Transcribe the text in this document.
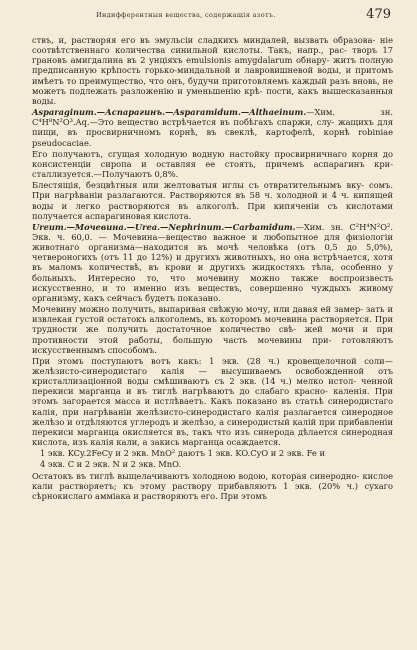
Индифферентныя вещества, содержащія азотъ.	479

ствъ, и, растворяя его въ эмульсіи сладкихъ миндалей, вызвать образова- ніе соотвѣтственнаго количества синильной кислоты. Такъ, напр., рас- творъ 17 грановъ амигдалина въ 2 унціяхъ emulsionis amygdalarum обнару- житъ полную предписанную крѣпость горько-миндальной и лавровишневой воды, и притомъ имѣетъ то преимущество, что онъ, будучи приготовляемъ каждый разъ вновь, не можетъ подлежать разложенію и уменьшенію крѣ- пости, какъ вышесказанныя воды.

Asparaginum.—Аспарагинъ.—Asparamidum.—Althaeinum.—Хим. зн. C⁴H⁸N²O³.Aq.—Это вещество встрѣчается въ побѣгахъ спаржи, слу- жащихъ для пищи, въ просвирничномъ корнѣ, въ свеклѣ, картофелѣ, корнѣ robiniae pseudocaciae.

Его получаютъ, сгущая холодную водную настойку просвирничнаго корня до консистенціи сиропа и оставляя ее стоять, причемъ аспарагинъ кри- сталлизуется.—Получаютъ 0,8%.

Блестящія, безцвѣтныя или желтоватыя иглы съ отвратительнымъ вку- сомъ. При нагрѣваніи разлагаются. Растворяются въ 58 ч. холодной и 4 ч. кипящей воды и легко растворяются въ алкоголѣ. При кипяченіи съ кислотами получается аспарагиновая кислота.

Ureum.—Мочевина.—Urea.—Nephrinum.—Carbamidum.—Хим. зн. C²H⁴N²O². Экв. ч. 60,0. — Мочевина—вещество важное и любопытное для физіологіи животнаго организма—находится въ мочѣ человѣка (отъ 0,5 до 5,0%), четвероногихъ (отъ 11 до 12%) и другихъ животныхъ, но она встрѣчается, хотя въ маломъ количествѣ, въ крови и другихъ жидкостяхъ тѣла, особенно у больныхъ. Интересно то, что мочевину можно также воспроизвесть искусственно, и то именно изъ веществъ, совершенно чуждыхъ живому организму, какъ сейчасъ будетъ показано.

Мочевину можно получить, выпаривая свѣжую мочу, или давая ей замер- зать и извлекая густой остатокъ алкоголемъ, въ которомъ мочевина растворяется. При трудности же получить достаточное количество свѣ- жей мочи и при противности этой работы, большую часть мочевины при- готовляютъ искусственнымъ способомъ.

При этомъ поступаютъ вотъ какъ: 1 экв. (28 ч.) кровещелочной соли— желѣзисто-синеродистаго калія — высушиваемъ освобожденной отъ кристаллизаціонной воды смѣшиваютъ съ 2 экв. (14 ч.) мелко истол- ченной перекиси марганца и въ тиглѣ нагрѣваютъ до слабаго красно- каленія. При этомъ загорается масса и истлѣваетъ. Какъ показано въ статьѣ синеродистаго калія, при нагрѣваніи желѣзисто-синеродистаго калія разлагается синеродное желѣзо и отдѣляются углеродъ и желѣзо, а синеродистый калій при прибавленіи перекиси марганца окисляется въ, такъ что изъ синерода дѣлается синеродная кислота, изъ калія кали, а закись марганца осаждается.

1 экв. KCy.2FeCy и 2 экв. MnO² даютъ 1 экв. KO.CyO и 2 экв. Fe и

4 экв. C и 2 экв. N и 2 экв. MnO.

Остатокъ въ тиглѣ выщелачиваютъ холодною водою, которая синеродно- кислое кали растворяетъ; къ этому раствору прибавляютъ 1 экв. (20% ч.) сухаго сѣрнокислаго амміака и растворяютъ его. При этомъ
